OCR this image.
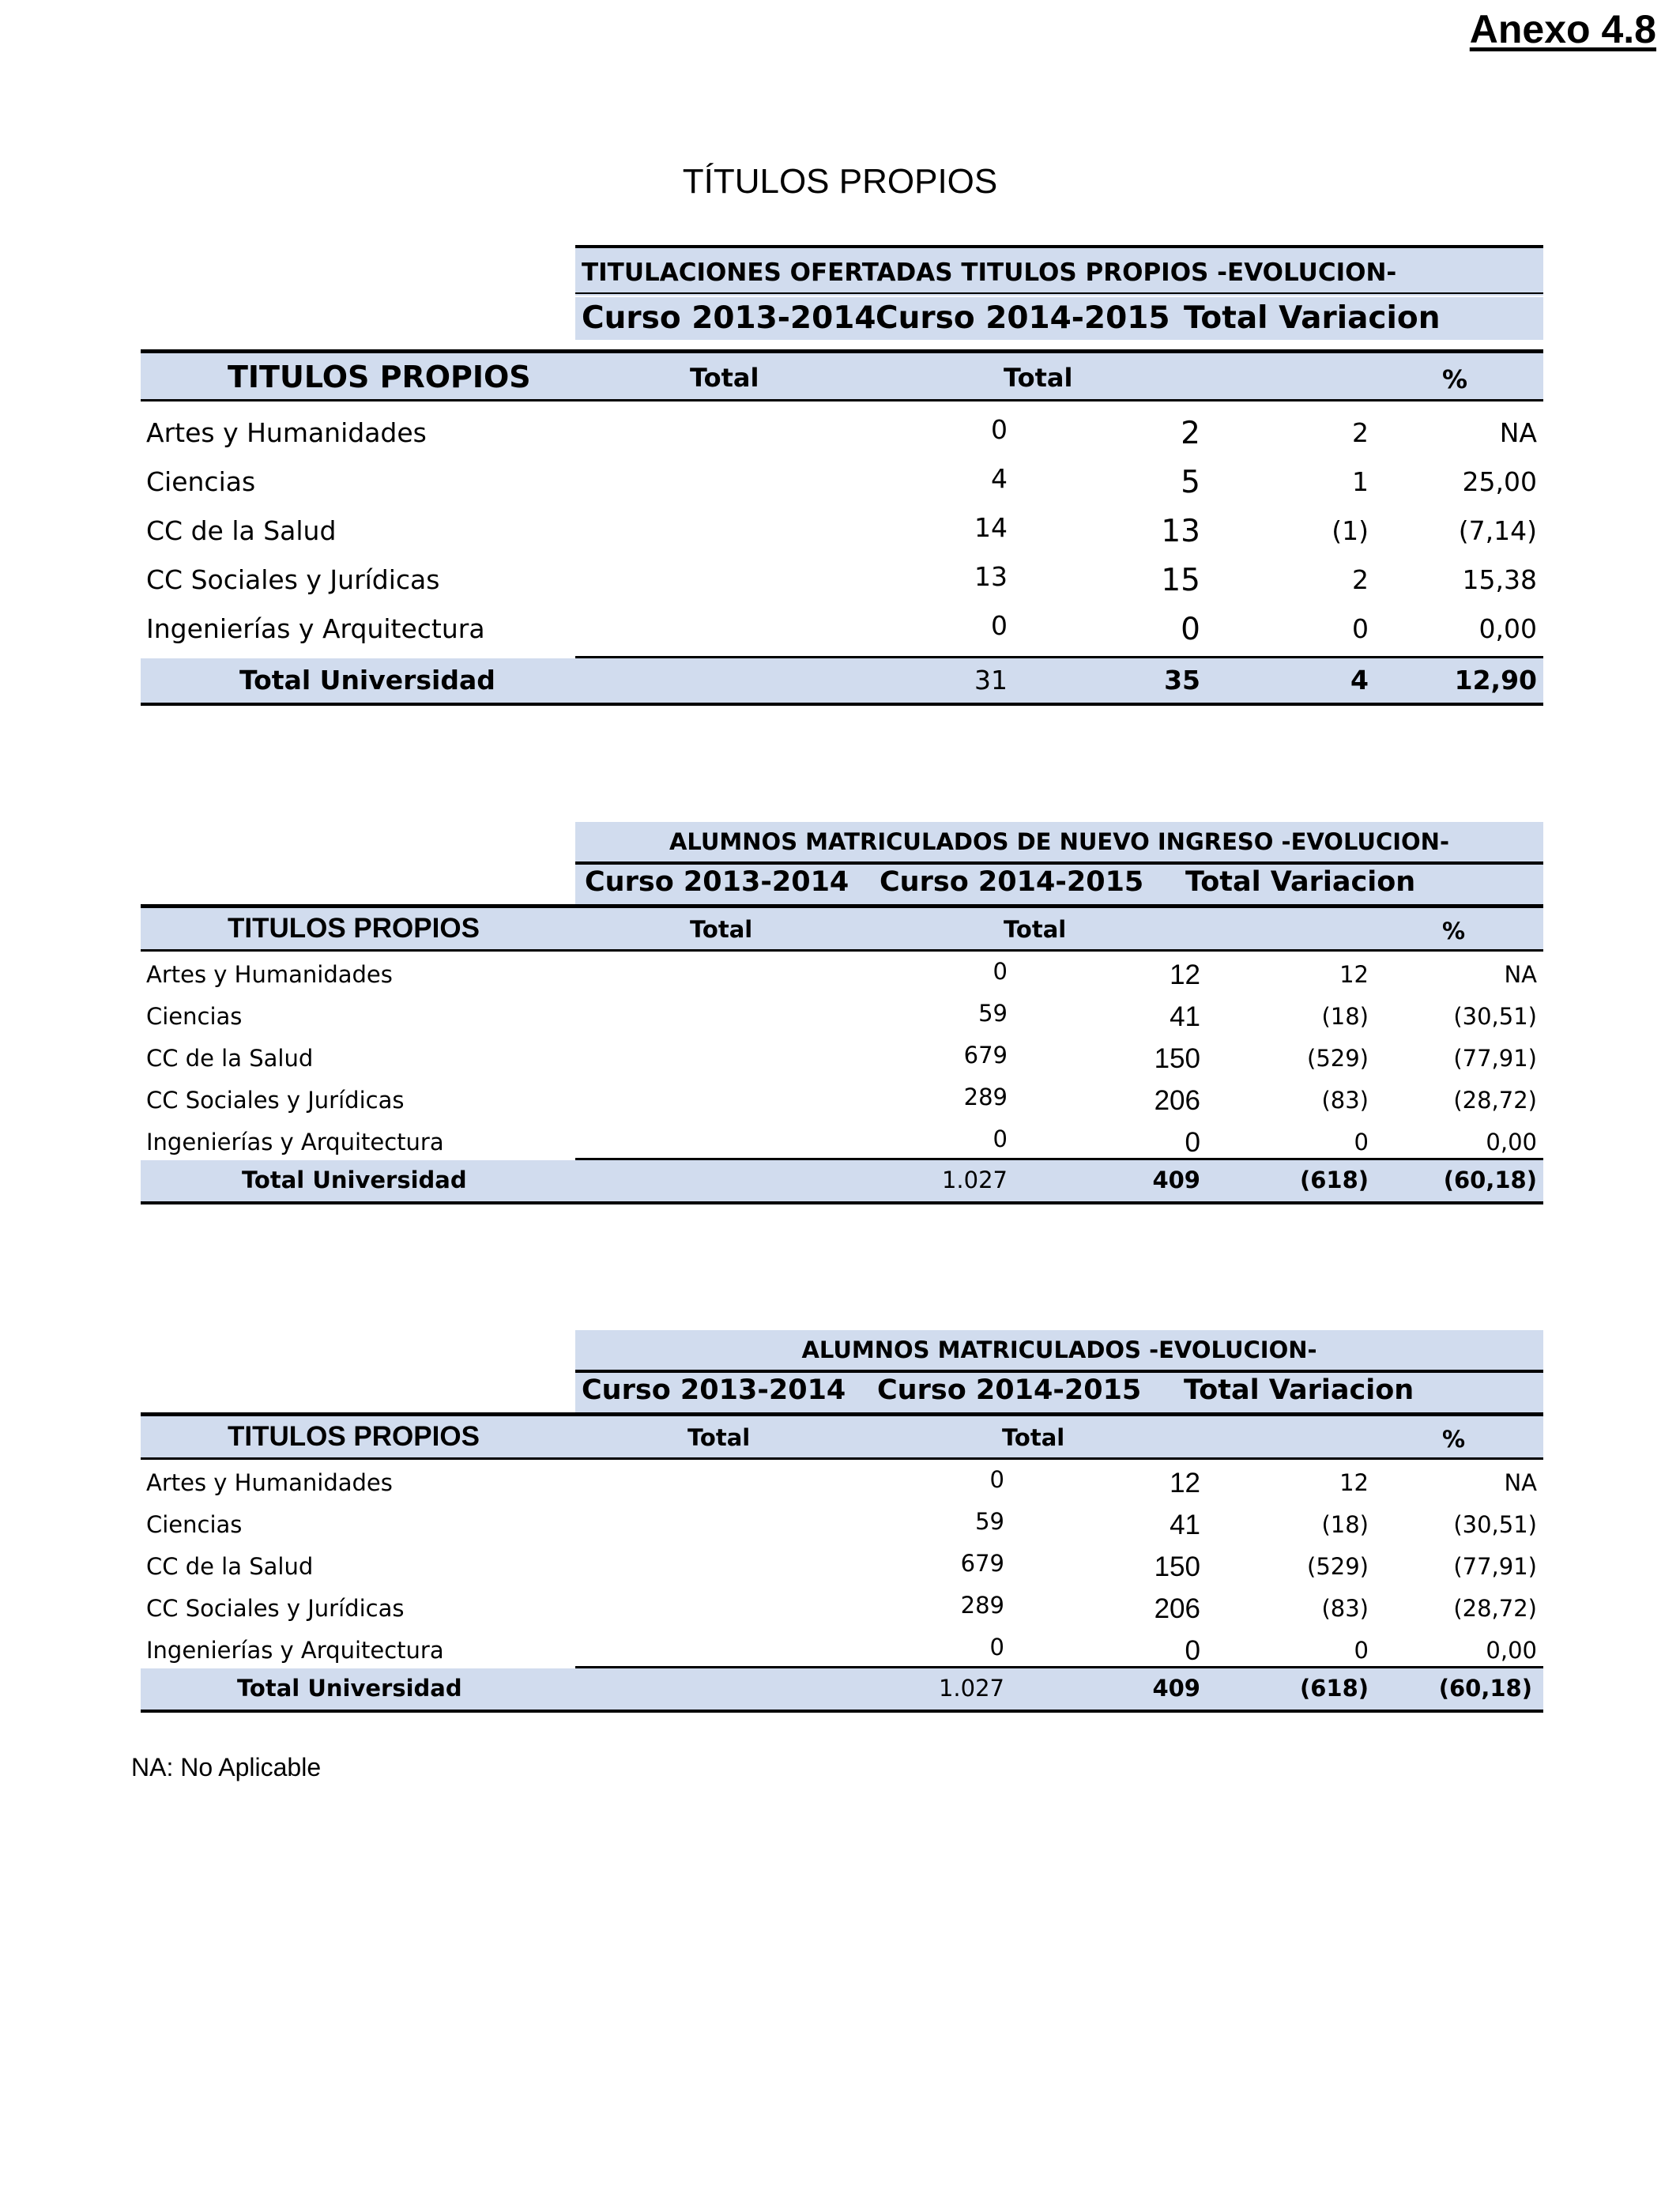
Anexo 4.8
TÍTULOS PROPIOS
TITULACIONES OFERTADAS TITULOS PROPIOS -EVOLUCION-
Curso 2013-2014 Curso 2014-2015 Total Variacion
TITULOS PROPIOS	Total	Total	%
Artes y Humanidades	0	2	2	NA
Ciencias	4	5	1	25,00
CC de la Salud	14	13	(1)	(7,14)
CC Sociales y Jurídicas	13	15	2	15,38
Ingenierías y Arquitectura	0	0	0	0,00
Total Universidad	31	35	4	12,90
ALUMNOS MATRICULADOS DE NUEVO INGRESO -EVOLUCION-
Curso 2013-2014 Curso 2014-2015 Total Variacion
TITULOS PROPIOS	Total	Total	%
Artes y Humanidades	0	12	12	NA
Ciencias	59	41	(18)	(30,51)
CC de la Salud	679	150	(529)	(77,91)
CC Sociales y Jurídicas	289	206	(83)	(28,72)
Ingenierías y Arquitectura	0	0	0	0,00
Total Universidad	1.027	409	(618)	(60,18)
ALUMNOS MATRICULADOS -EVOLUCION-
Curso 2013-2014 Curso 2014-2015 Total Variacion
TITULOS PROPIOS	Total	Total	%
Artes y Humanidades	0	12	12	NA
Ciencias	59	41	(18)	(30,51)
CC de la Salud	679	150	(529)	(77,91)
CC Sociales y Jurídicas	289	206	(83)	(28,72)
Ingenierías y Arquitectura	0	0	0	0,00
Total Universidad	1.027	409	(618)	(60,18)
NA: No Aplicable
